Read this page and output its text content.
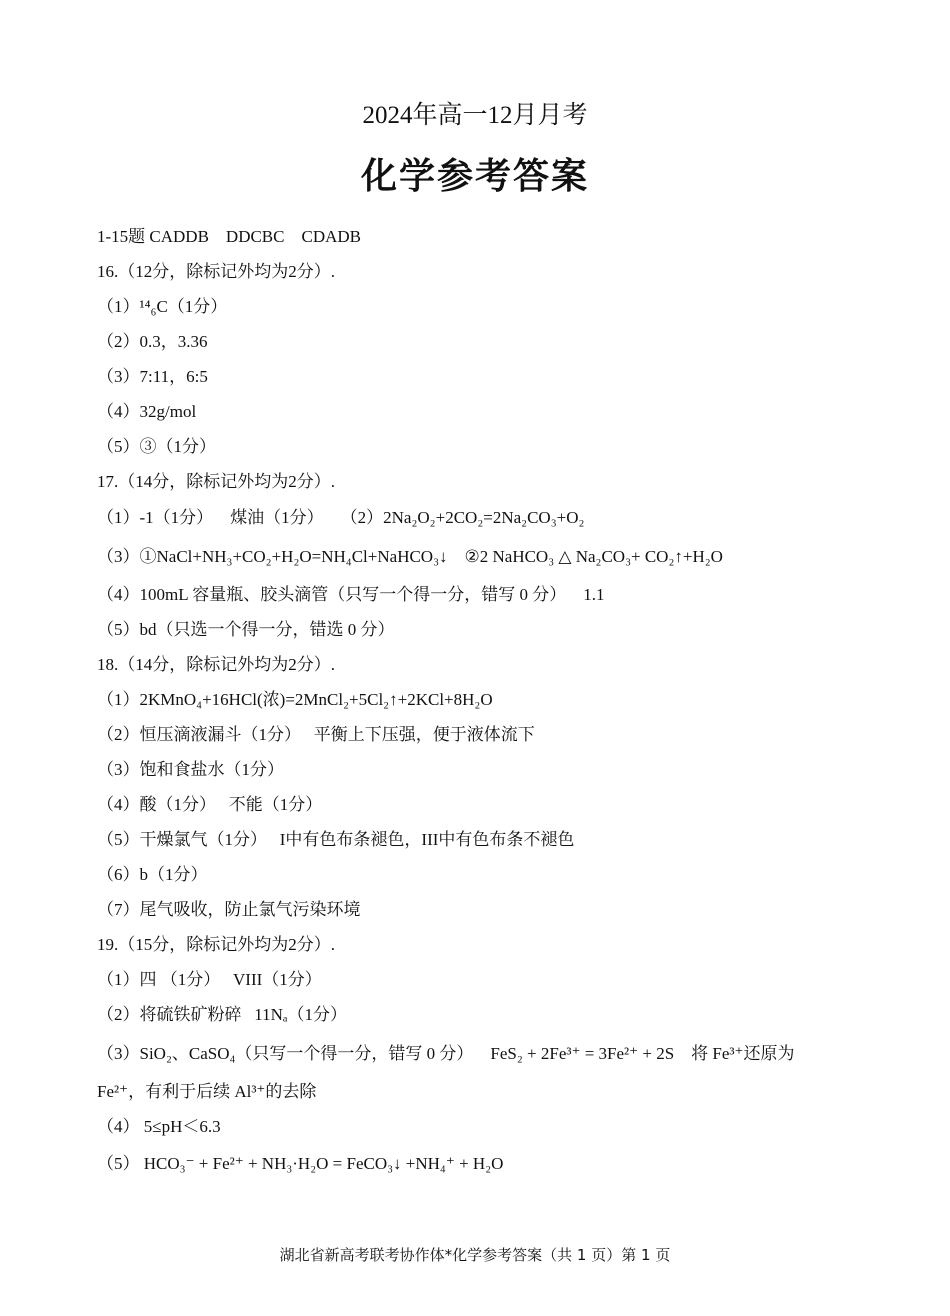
2024年高一12月月考
化学参考答案
1-15题 CADDB    DDCBC    CDADB
16.（12分，除标记外均为2分）.
（1）¹⁴₆C（1分）
（2）0.3，3.36
（3）7:11，6:5
（4）32g/mol
（5）③（1分）
17.（14分，除标记外均为2分）.
（1）-1（1分）    煤油（1分）    （2）2Na₂O₂+2CO₂=2Na₂CO₃+O₂
（3）①NaCl+NH₃+CO₂+H₂O=NH₄Cl+NaHCO₃↓    ②2 NaHCO₃ △ Na₂CO₃+ CO₂↑+H₂O
（4）100mL 容量瓶、胶头滴管（只写一个得一分，错写 0 分）    1.1
（5）bd（只选一个得一分，错选 0 分）
18.（14分，除标记外均为2分）.
（1）2KMnO₄+16HCl(浓)=2MnCl₂+5Cl₂↑+2KCl+8H₂O
（2）恒压滴液漏斗（1分）   平衡上下压强，便于液体流下
（3）饱和食盐水（1分）
（4）酸（1分）   不能（1分）
（5）干燥氯气（1分）   I中有色布条褪色，III中有色布条不褪色
（6）b（1分）
（7）尾气吸收，防止氯气污染环境
19.（15分，除标记外均为2分）.
（1）四 （1分）   VIII（1分）
（2）将硫铁矿粉碎   11Nₐ（1分）
（3）SiO₂、CaSO₄（只写一个得一分，错写 0 分）    FeS₂ + 2Fe³⁺ = 3Fe²⁺ + 2S    将 Fe³⁺还原为
Fe²⁺，有利于后续 Al³⁺的去除
（4） 5≤pH＜6.3
（5） HCO₃⁻ + Fe²⁺ + NH₃·H₂O = FeCO₃↓ +NH₄⁺ + H₂O
湖北省新高考联考协作体*化学参考答案（共 1 页）第 1 页
